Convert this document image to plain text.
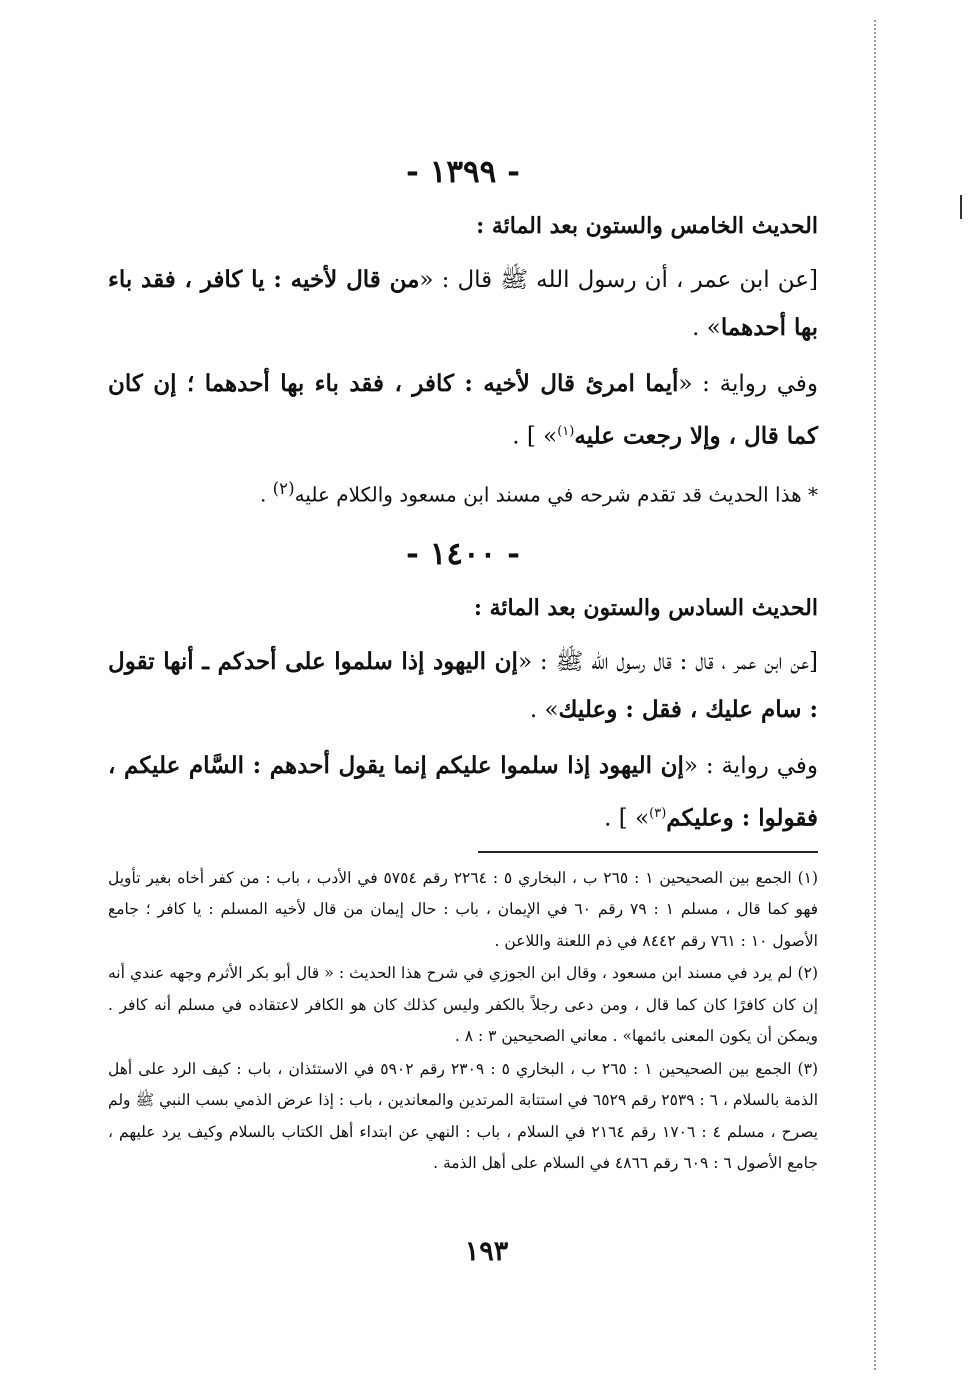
- ١٣٩٩ -
الحديث الخامس والستون بعد المائة :

[عن ابن عمر ، أن رسول الله ﷺ قال : «من قال لأخيه : يا كافر ، فقد باء بها أحدهما» .

وفي رواية : «أيما امرئ قال لأخيه : كافر ، فقد باء بها أحدهما ؛ إن كان كما قال ، وإلا رجعت عليه$^{(١)}$» ] .

* هذا الحديث قد تقدم شرحه في مسند ابن مسعود والكلام عليه$^{(٢)}$ .

- ١٤٠٠ -
الحديث السادس والستون بعد المائة :

[عن ابن عمر ، قال : قال رسول الله ﷺ : «إن اليهود إذا سلموا على أحدكم ـ أنها تقول : سام عليك ، فقل : وعليك» .

وفي رواية : «إن اليهود إذا سلموا عليكم إنما يقول أحدهم : السَّام عليكم ، فقولوا : وعليكم$^{(٣)}$» ] .

(١) الجمع بين الصحيحين ١ : ٢٦٥ ب ، البخاري ٥ : ٢٢٦٤ رقم ٥٧٥٤ في الأدب ، باب : من كفر أخاه بغير تأويل فهو كما قال ، مسلم ١ : ٧٩ رقم ٦٠ في الإيمان ، باب : حال إيمان من قال لأخيه المسلم : يا كافر ؛ جامع الأصول ١٠ : ٧٦١ رقم ٨٤٤٢ في ذم اللعنة واللاعن .

(٢) لم يرد في مسند ابن مسعود ، وقال ابن الجوزي في شرح هذا الحديث : « قال أبو بكر الأثرم وجهه عندي أنه إن كان كافرًا كان كما قال ، ومن دعى رجلاً بالكفر وليس كذلك كان هو الكافر لاعتقاده في مسلم أنه كافر . ويمكن أن يكون المعنى بائمها» . معاني الصحيحين ٣ : ٨ .

(٣) الجمع بين الصحيحين ١ : ٢٦٥ ب ، البخاري ٥ : ٢٣٠٩ رقم ٥٩٠٢ في الاستئذان ، باب : كيف الرد على أهل الذمة بالسلام ، ٦ : ٢٥٣٩ رقم ٦٥٢٩ في استتابة المرتدين والمعاندين ، باب : إذا عرض الذمي بسب النبي ﷺ ولم يصرح ، مسلم ٤ : ١٧٠٦ رقم ٢١٦٤ في السلام ، باب : النهي عن ابتداء أهل الكتاب بالسلام وكيف يرد عليهم ، جامع الأصول ٦ : ٦٠٩ رقم ٤٨٦٦ في السلام على أهل الذمة .

١٩٣
